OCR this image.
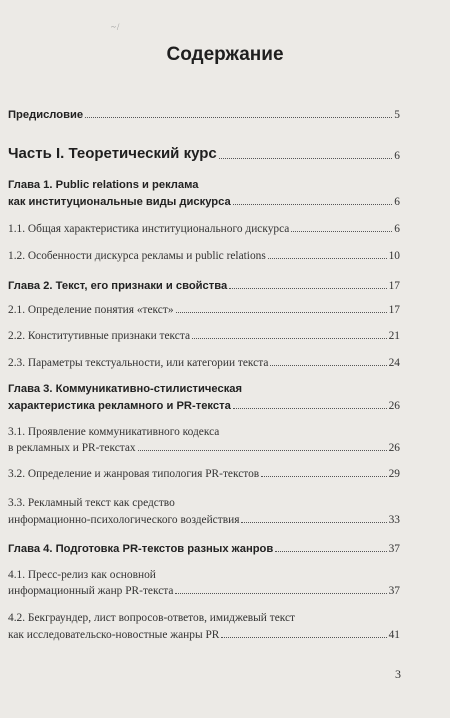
~/
Содержание
Предисловие	5
Часть I. Теоретический курс	6
Глава 1. Public relations и реклама
как институциональные виды дискурса	6
1.1. Общая характеристика институционального дискурса	6
1.2. Особенности дискурса рекламы и public relations	10
Глава 2. Текст, его признаки и свойства	17
2.1. Определение понятия «текст»	17
2.2. Конститутивные признаки текста	21
2.3. Параметры текстуальности, или категории текста	24
Глава 3. Коммуникативно-стилистическая
характеристика рекламного и PR-текста	26
3.1. Проявление коммуникативного кодекса
в рекламных и PR-текстах	26
3.2. Определение и жанровая типология PR-текстов	29
3.3. Рекламный текст как средство
информационно-психологического воздействия	33
Глава 4. Подготовка PR-текстов разных жанров	37
4.1. Пресс-релиз как основной
информационный жанр PR-текста	37
4.2. Бекграундер, лист вопросов-ответов, имиджевый текст
как исследовательско-новостные жанры PR	41
3
